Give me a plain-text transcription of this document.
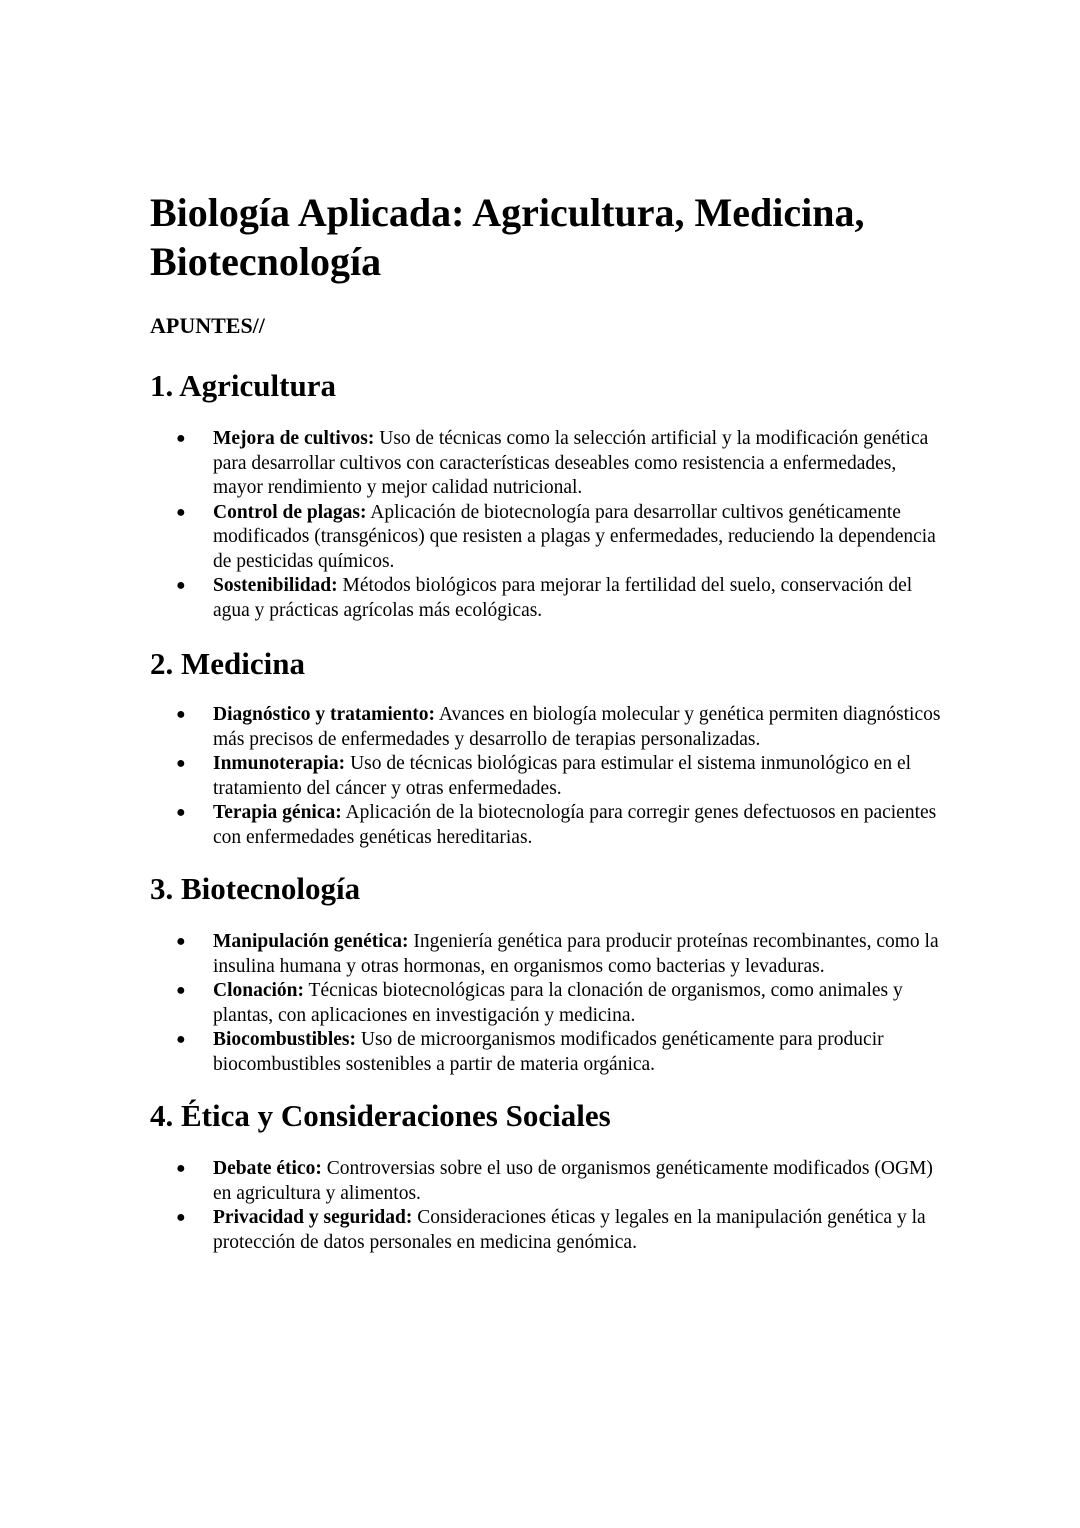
Biología Aplicada: Agricultura, Medicina, Biotecnología
APUNTES//
1. Agricultura
● Mejora de cultivos: Uso de técnicas como la selección artificial y la modificación genética para desarrollar cultivos con características deseables como resistencia a enfermedades, mayor rendimiento y mejor calidad nutricional.
● Control de plagas: Aplicación de biotecnología para desarrollar cultivos genéticamente modificados (transgénicos) que resisten a plagas y enfermedades, reduciendo la dependencia de pesticidas químicos.
● Sostenibilidad: Métodos biológicos para mejorar la fertilidad del suelo, conservación del agua y prácticas agrícolas más ecológicas.
2. Medicina
● Diagnóstico y tratamiento: Avances en biología molecular y genética permiten diagnósticos más precisos de enfermedades y desarrollo de terapias personalizadas.
● Inmunoterapia: Uso de técnicas biológicas para estimular el sistema inmunológico en el tratamiento del cáncer y otras enfermedades.
● Terapia génica: Aplicación de la biotecnología para corregir genes defectuosos en pacientes con enfermedades genéticas hereditarias.
3. Biotecnología
● Manipulación genética: Ingeniería genética para producir proteínas recombinantes, como la insulina humana y otras hormonas, en organismos como bacterias y levaduras.
● Clonación: Técnicas biotecnológicas para la clonación de organismos, como animales y plantas, con aplicaciones en investigación y medicina.
● Biocombustibles: Uso de microorganismos modificados genéticamente para producir biocombustibles sostenibles a partir de materia orgánica.
4. Ética y Consideraciones Sociales
● Debate ético: Controversias sobre el uso de organismos genéticamente modificados (OGM) en agricultura y alimentos.
● Privacidad y seguridad: Consideraciones éticas y legales en la manipulación genética y la protección de datos personales en medicina genómica.
